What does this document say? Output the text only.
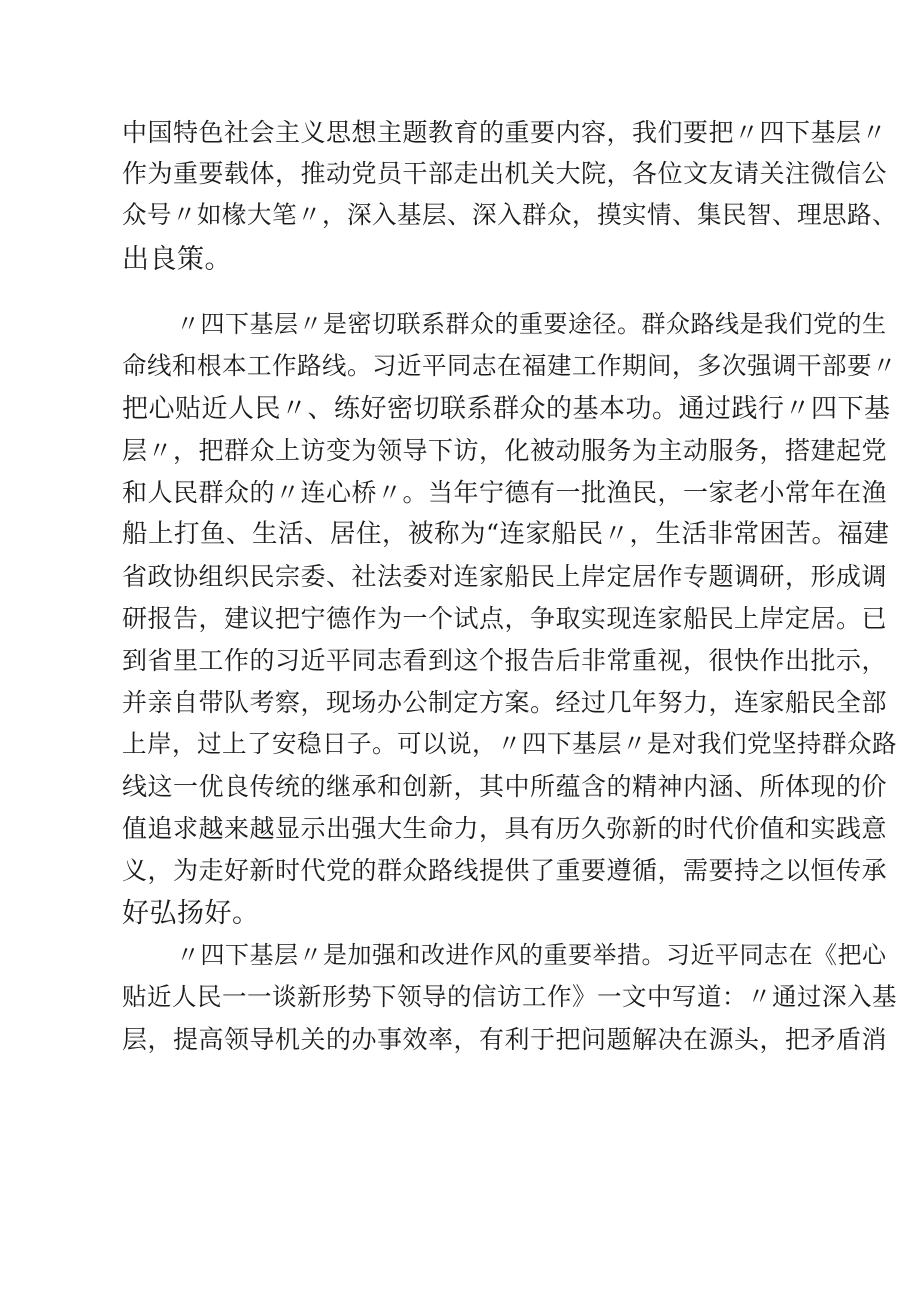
中国特色社会主义思想主题教育的重要内容，我们要把〃四下基层〃
作为重要载体，推动党员干部走出机关大院，各位文友请关注微信公
众号〃如椽大笔〃，深入基层、深入群众，摸实情、集民智、理思路、
出良策。
〃四下基层〃是密切联系群众的重要途径。群众路线是我们党的生
命线和根本工作路线。习近平同志在福建工作期间，多次强调干部要〃
把心贴近人民〃、练好密切联系群众的基本功。通过践行〃四下基
层〃，把群众上访变为领导下访，化被动服务为主动服务，搭建起党
和人民群众的〃连心桥〃。当年宁德有一批渔民，一家老小常年在渔
船上打鱼、生活、居住，被称为“连家船民〃，生活非常困苦。福建
省政协组织民宗委、社法委对连家船民上岸定居作专题调研，形成调
研报告，建议把宁德作为一个试点，争取实现连家船民上岸定居。已
到省里工作的习近平同志看到这个报告后非常重视，很快作出批示，
并亲自带队考察，现场办公制定方案。经过几年努力，连家船民全部
上岸，过上了安稳日子。可以说，〃四下基层〃是对我们党坚持群众路
线这一优良传统的继承和创新，其中所蕴含的精神内涵、所体现的价
值追求越来越显示出强大生命力，具有历久弥新的时代价值和实践意
义，为走好新时代党的群众路线提供了重要遵循，需要持之以恒传承
好弘扬好。
〃四下基层〃是加强和改进作风的重要举措。习近平同志在《把心
贴近人民一一谈新形势下领导的信访工作》一文中写道：〃通过深入基
层，提高领导机关的办事效率，有利于把问题解决在源头，把矛盾消
